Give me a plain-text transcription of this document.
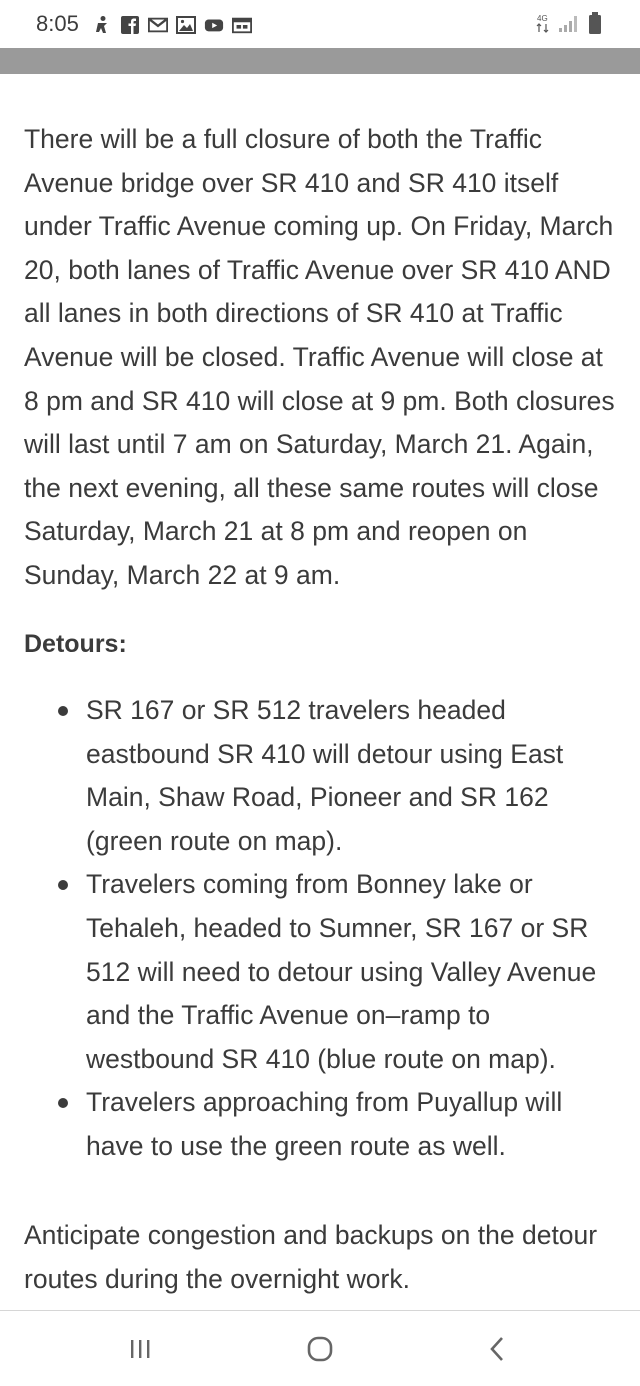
8:05	4G

There will be a full closure of both the Traffic Avenue bridge over SR 410 and SR 410 itself under Traffic Avenue coming up. On Friday, March 20, both lanes of Traffic Avenue over SR 410 AND all lanes in both directions of SR 410 at Traffic Avenue will be closed. Traffic Avenue will close at 8 pm and SR 410 will close at 9 pm. Both closures will last until 7 am on Saturday, March 21. Again, the next evening, all these same routes will close Saturday, March 21 at 8 pm and reopen on Sunday, March 22 at 9 am.

Detours:
SR 167 or SR 512 travelers headed eastbound SR 410 will detour using East Main, Shaw Road, Pioneer and SR 162 (green route on map).
Travelers coming from Bonney lake or Tehaleh, headed to Sumner, SR 167 or SR 512 will need to detour using Valley Avenue and the Traffic Avenue on–ramp to westbound SR 410 (blue route on map).
Travelers approaching from Puyallup will have to use the green route as well.

Anticipate congestion and backups on the detour routes during the overnight work.
